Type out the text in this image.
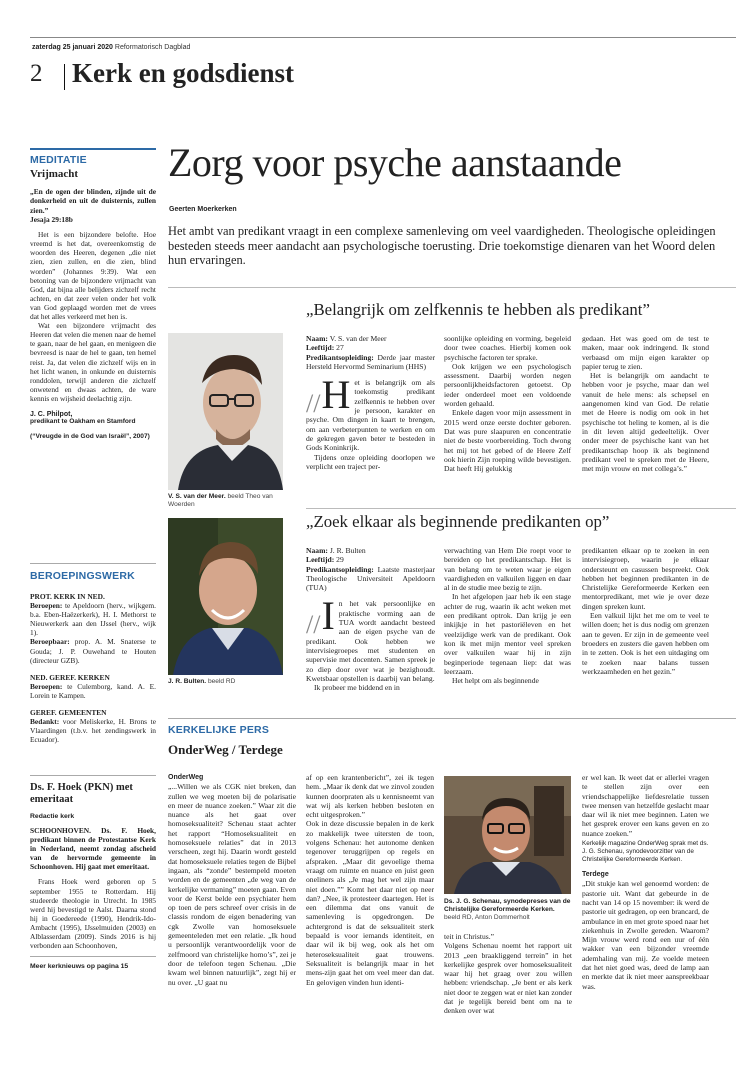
zaterdag 25 januari 2020 Reformatorisch Dagblad
2 Kerk en godsdienst
MEDITATIE
Vrijmacht
„En de ogen der blinden, zijnde uit de donkerheid en uit de duisternis, zullen zien.”
Jesaja 29:18b

Het is een bijzondere belofte. Hoe vreemd is het dat, overeenkomstig de woorden des Heeren, degenen „die niet zien, zien zullen, en die zien, blind worden” (Johannes 9:39). Wat een betoning van de bijzondere vrijmacht van God, dat bijna alle belijders zichzelf recht achten, en dat zeer velen onder het volk van God geplaagd worden met de vrees dat het alles verkeerd met hen is.

Wat een bijzondere vrijmacht des Heeren dat velen die menen naar de hemel te gaan, naar de hel gaan, en menigeen die bevreesd is naar de hel te gaan, ten hemel reist. Ja, dat velen die zichzelf wijs en in het licht wanen, in onkunde en duisternis ronddolen, terwijl anderen die zichzelf onwetend en dwaas achten, de ware kennis en wijsheid deelachtig zijn.

J. C. Philpot,
predikant te Oakham en Stamford
(“Vreugde in de God van Israël”, 2007)
BEROEPINGSWERK
PROT. KERK IN NED.
Beroepen: te Apeldoorn (herv., wijkgem. b.a. Eben-Haëzerkerk), H. I. Methorst te Nieuwerkerk aan den IJssel (herv., wijk 1).
Beroepbaar: prop. A. M. Snaterse te Gouda; J. P. Ouwehand te Houten (directeur GZB).
NED. GEREF. KERKEN
Beroepen: te Culemborg, kand. A. E. Lorein te Kampen.
GEREF. GEMEENTEN
Bedankt: voor Meliskerke, H. Brons te Vlaardingen (t.b.v. het zendingswerk in Ecuador).
Ds. F. Hoek (PKN) met emeritaat
Redactie kerk
SCHOONHOVEN. Ds. F. Hoek, predikant binnen de Protestantse Kerk in Nederland, neemt zondag afscheid van de hervormde gemeente in Schoonhoven. Hij gaat met emeritaat.
Frans Hoek werd geboren op 5 september 1955 te Rotterdam. Hij studeerde theologie in Utrecht. In 1985 werd hij bevestigd te Aalst. Daarna stond hij in Goedereede (1990), Hendrik-Ido-Ambacht (1995), IJsselmuiden (2003) en Alblasserdam (2009). Sinds 2016 is hij verbonden aan Schoonhoven,
Meer kerknieuws op pagina 15
Zorg voor psyche aanstaande
Geerten Moerkerken
Het ambt van predikant vraagt in een complexe samenleving om veel vaardigheden. Theologische opleidingen besteden steeds meer aandacht aan psychologische toerusting. Drie toekomstige dienaren van het Woord delen hun ervaringen.
V. S. van der Meer. beeld Theo van Woerden
„Belangrijk om zelfkennis te hebben als predikant”
Naam: V. S. van der Meer
Leeftijd: 27
Predikantsopleiding: Derde jaar master Hersteld Hervormd Seminarium (HHS)
// H et is belangrijk om als toekomstig predikant zelfkennis te hebben over je persoon, karakter en psyche. Om dingen in kaart te brengen, om aan verbeterpunten te werken en om de gekregen gaven beter te besteden in Gods Koninkrijk.
Tijdens onze opleiding doorlopen we verplicht een traject per-
soonlijke opleiding en vorming, begeleid door twee coaches. Hierbij komen ook psychische factoren ter sprake.
Ook krijgen we een psychologisch assessment. Daarbij worden negen persoonlijkheidsfactoren getoetst. Op ieder onderdeel moet een voldoende worden gehaald.
Enkele dagen voor mijn assessment in 2015 werd onze eerste dochter geboren. Dat was pure slaapuren en concentratie niet de beste voorbereiding. Toch dwong het mij tot het gebed of de Heere Zelf ook hierin Zijn roeping wilde bevestigen. Dat heeft Hij gelukkig
gedaan. Het was goed om de test te maken, maar ook indringend. Ik stond verbaasd om mijn eigen karakter op papier terug te zien.
Het is belangrijk om aandacht te hebben voor je psyche, maar dan wel vanuit de hele mens: als schepsel en aangenomen kind van God. De relatie met de Heere is nodig om ook in het psychische tot heling te komen, al is die in dit leven altijd gedeeltelijk. Over onder meer de psychische kant van het predikantschap hoop ik als beginnend predikant veel te spreken met de Heere, met mijn vrouw en met collega’s.”
„Zoek elkaar als beginnende predikanten op”
J. R. Bulten. beeld RD
Naam: J. R. Bulten
Leeftijd: 29
Predikantsopleiding: Laatste masterjaar Theologische Universiteit Apeldoorn (TUA)
// I n het vak persoonlijke en praktische vorming aan de TUA wordt aandacht besteed aan de eigen psyche van de predikant. Ook hebben we intervisiegroepes met studenten en supervisie met docenten. Samen spreek je zo diep door over wat je bezighoudt. Kwetsbaar opstellen is daarbij van belang.
Ik probeer me biddend en in
verwachting van Hem Die roept voor te bereiden op het predikantschap. Het is van belang om te weten waar je eigen vaardigheden en valkuilen liggen en daar al in de studie mee bezig te zijn.
In het afgelopen jaar heb ik een stage achter de rug, waarin ik acht weken met een predikant optrok. Dan krijg je een inkijkje in het pastoriëleven en het veelzijdige werk van de predikant. Ook kon ik met mijn mentor veel spreken over valkuilen waar hij in zijn beginperiode tegenaan liep: dat was leerzaam.
Het helpt om als beginnende
predikanten elkaar op te zoeken in een intervisiegroep, waarin je elkaar ondersteunt en casussen bespreekt. Ook hebben het beginnen predikanten in de Christelijke Gereformeerde Kerken een mentorpredikant, met wie je over deze dingen spreken kunt.
Een valkuil lijkt het me om te veel te willen doen; het is dus nodig om grenzen aan te geven. Er zijn in de gemeente veel broeders en zusters die gaven hebben om in te zetten. Ook is het een uitdaging om te zoeken naar balans tussen werkzaamheden en het gezin.”
KERKELIJKE PERS
OnderWeg / Terdege
OnderWeg
„...Willen we als CGK niet breken, dan zullen we weg moeten bij de polarisatie en meer de nuance zoeken.” Waar zit die nuance als het gaat over homoseksualiteit? Schenau staat achter het rapport “Homoseksualiteit en homoseksuele relaties” dat in 2013 verscheen, zegt hij. Daarin wordt gesteld dat homoseksuele relaties tegen de Bijbel ingaan, als “zonde” bestempeld moeten worden en de gemeenten „de weg van de kerkelijke vermaning” moeten gaan. Even voor de Kerst belde een psychiater hem op toen de pers schreef over crisis in de classis rondom de eigen benadering van cgk Zwolle van homoseksuele gemeenteleden met een relatie. „Ik houd u persoonlijk verantwoordelijk voor de zelfmoord van christelijke homo’s”, zei je door de telefoon tegen Schenau. „Die kwam wel binnen natuurlijk”, zegt hij er nu over. „U gaat nu
af op een krantenbericht”, zei ik tegen hem. „Maar ik denk dat we zinvol zouden kunnen doorpraten als u kennisneemt van wat wij als kerken hebben besloten en echt uitgesproken.”
Ook in deze discussie bepalen in de kerk zo makkelijk twee uitersten de toon, volgens Schenau: het autonome denken tegenover teruggrijpen op regels en afspraken. „Maar dit gevoelige thema vraagt om ruimte en nuance en juist geen oneliners als „Je mag het wel zijn maar niet doen.”” Komt het daar niet op neer dan? „Nee, ik protesteer daartegen. Het is een dilemma dat ons vanuit de samenleving is opgedrongen. De achtergrond is dat de seksualiteit sterk bepaald is voor iemands identiteit, en daar wil ik bij weg, ook als het om heteroseksualiteit gaat trouwens. Seksualiteit is belangrijk maar in het mens-zijn gaat het om veel meer dan dat. En gelovigen vinden hun identi-
Ds. J. G. Schenau, synodepreses van de Christelijke Gereformeerde Kerken. beeld RD, Anton Dommerholt
teit in Christus.”
Volgens Schenau noemt het rapport uit 2013 „een braakliggend terrein” in het kerkelijke gesprek over homoseksualiteit waar hij het graag over zou willen hebben: vriendschap. „Je bent er als kerk niet door te zeggen wat er niet kan zonder dat je tegelijk bereid bent om na te denken over wat
er wel kan. Ik weet dat er allerlei vragen te stellen zijn over een vriendschappelijke liefdesrelatie tussen twee mensen van hetzelfde geslacht maar daar wil ik niet mee beginnen. Laten we het gesprek erover een kans geven en zo nuance zoeken.”
Kerkelijk magazine OnderWeg sprak met ds. J. G. Schenau, synodevoorzitter van de Christelijke Gereformeerde Kerken.
Terdege
„Dit stukje kan wel genoemd worden: de pastorie uit. Want dat gebeurde in de nacht van 14 op 15 november: ik werd de pastorie uit gedragen, op een brancard, de ambulance in en met grote spoed naar het ziekenhuis in Zwolle gereden. Waarom? Mijn vrouw werd rond een uur of één wakker van een bijzonder vreemde ademhaling van mij. Ze voelde meteen dat het niet goed was, deed de lamp aan en merkte dat ik niet meer aanspreekbaar was.
